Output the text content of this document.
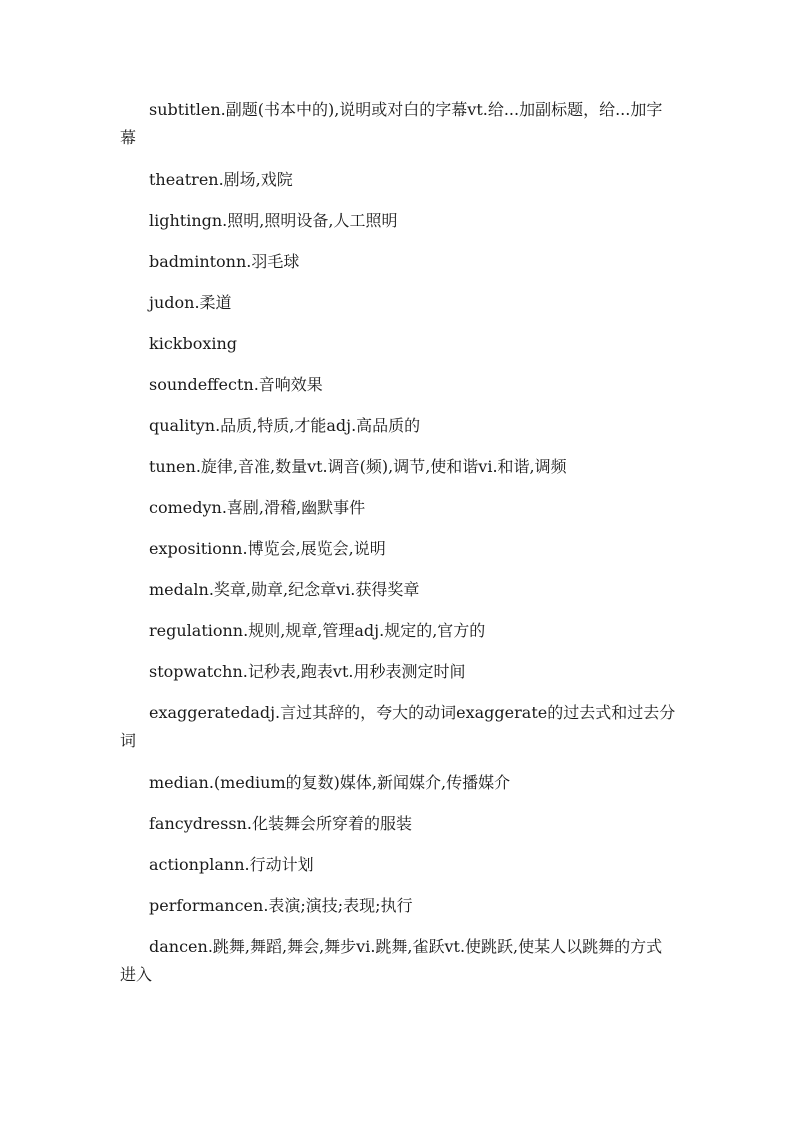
subtitlen.副题(书本中的),说明或对白的字幕vt.给...加副标题，给...加字幕

theatren.剧场,戏院

lightingn.照明,照明设备,人工照明

badmintonn.羽毛球

judon.柔道

kickboxing

soundeffectn.音响效果

qualityn.品质,特质,才能adj.高品质的

tunen.旋律,音准,数量vt.调音(频),调节,使和谐vi.和谐,调频

comedyn.喜剧,滑稽,幽默事件

expositionn.博览会,展览会,说明

medaln.奖章,勋章,纪念章vi.获得奖章

regulationn.规则,规章,管理adj.规定的,官方的

stopwatchn.记秒表,跑表vt.用秒表测定时间

exaggeratedadj.言过其辞的，夸大的动词exaggerate的过去式和过去分词

median.(medium的复数)媒体,新闻媒介,传播媒介

fancydressn.化装舞会所穿着的服装

actionplann.行动计划

performancen.表演;演技;表现;执行

dancen.跳舞,舞蹈,舞会,舞步vi.跳舞,雀跃vt.使跳跃,使某人以跳舞的方式进入
